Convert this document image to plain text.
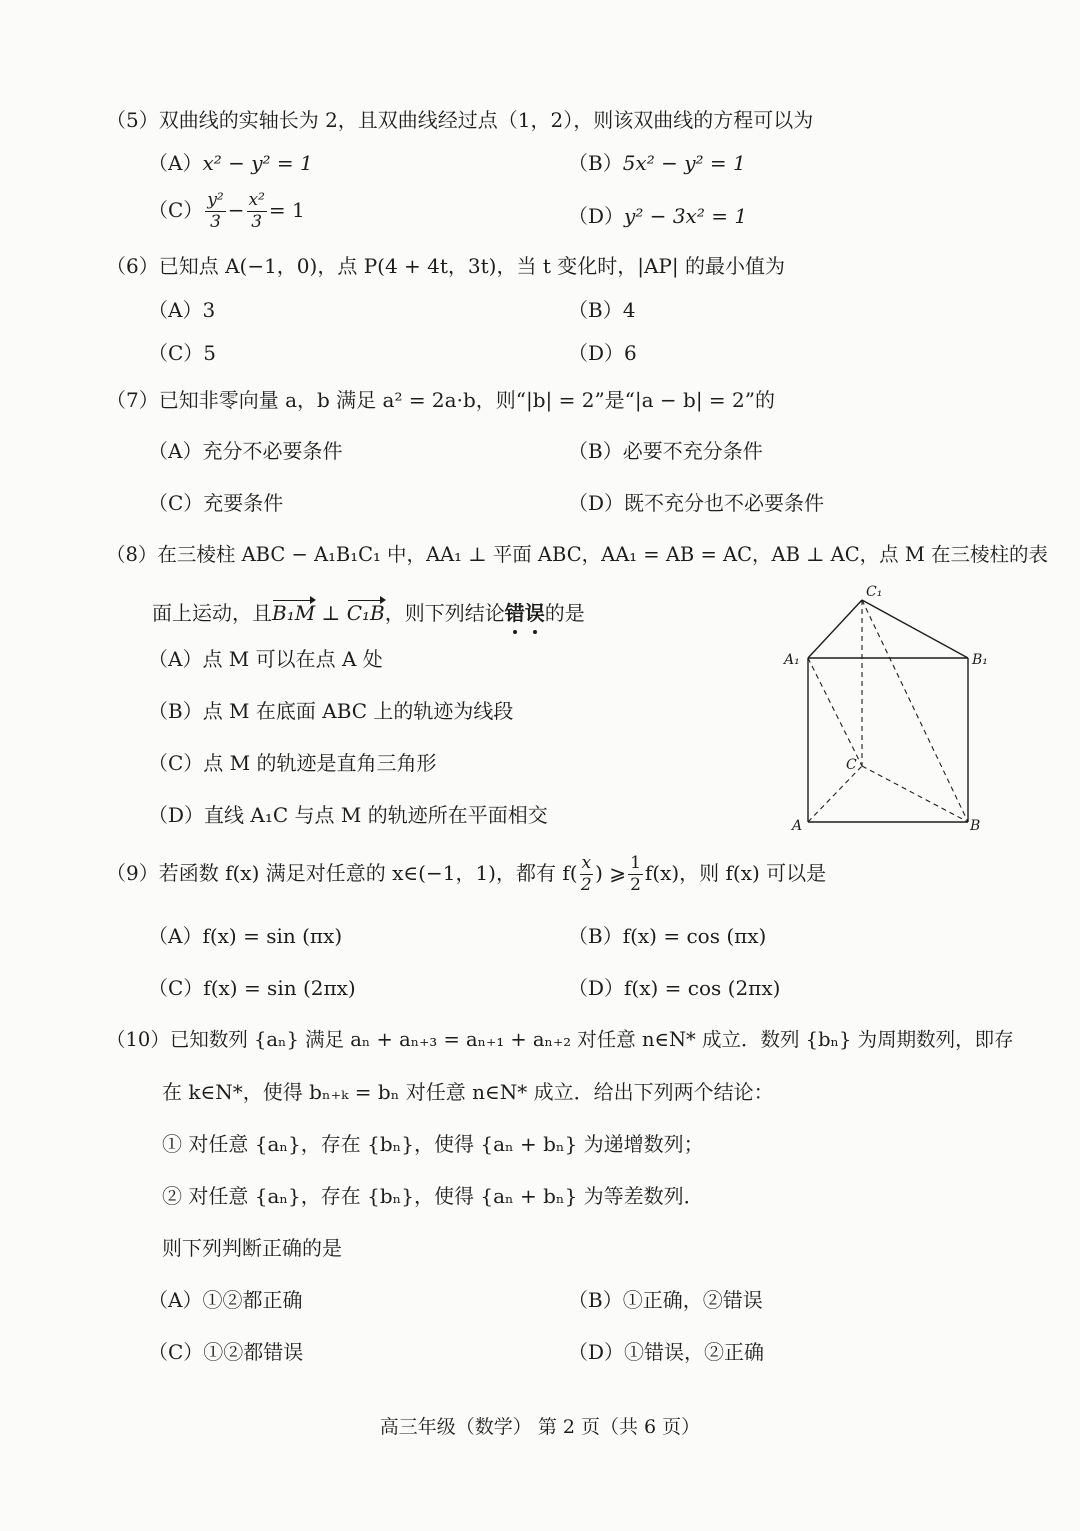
（5）双曲线的实轴长为 2，且双曲线经过点（1，2），则该双曲线的方程可以为
（A）x² − y² = 1	（B）5x² − y² = 1
$(C) \frac{\text{y²}}{3} - \frac{\text{x²}}{3} = 1$	（D）y² − 3x² = 1
（6）已知点 A(−1，0)，点 P(4 + 4t，3t)，当 t 变化时，|AP| 的最小值为
（A）3	（B）4
（C）5	（D）6
（7）已知非零向量 a，b 满足 a² = 2a·b，则“|b| = 2”是“|a − b| = 2”的
（A）充分不必要条件	（B）必要不充分条件
（C）充要条件	（D）既不充分也不必要条件
（8）在三棱柱 ABC − A₁B₁C₁ 中，AA₁ ⊥ 平面 ABC，AA₁ = AB = AC，AB ⊥ AC，点 M 在三棱柱的表
面上运动，且B₁M ⊥ C₁B，则下列结论错误的是
（A）点 M 可以在点 A 处
（B）点 M 在底面 ABC 上的轨迹为线段
（C）点 M 的轨迹是直角三角形
（D）直线 A₁C 与点 M 的轨迹所在平面相交
C₁
A₁	B₁
C
A	B
（9）若函数 f(x) 满足对任意的 x∈(−1，1)，都有 $f( \frac{x}{2}$ ) ⩾ $\frac{1}{2} f(x)$，则 f(x) 可以是
（A）f(x) = sin (πx)	（B）f(x) = cos (πx)
（C）f(x) = sin (2πx)	（D）f(x) = cos (2πx)
（10）已知数列 {aₙ} 满足 aₙ + aₙ₊₃ = aₙ₊₁ + aₙ₊₂ 对任意 n∈N* 成立．数列 {bₙ} 为周期数列，即存
在 k∈N*，使得 bₙ₊ₖ = bₙ 对任意 n∈N* 成立．给出下列两个结论：
① 对任意 {aₙ}，存在 {bₙ}，使得 {aₙ + bₙ} 为递增数列；
② 对任意 {aₙ}，存在 {bₙ}，使得 {aₙ + bₙ} 为等差数列．
则下列判断正确的是
（A）①②都正确	（B）①正确，②错误
（C）①②都错误	（D）①错误，②正确
高三年级（数学） 第 2 页（共 6 页）
